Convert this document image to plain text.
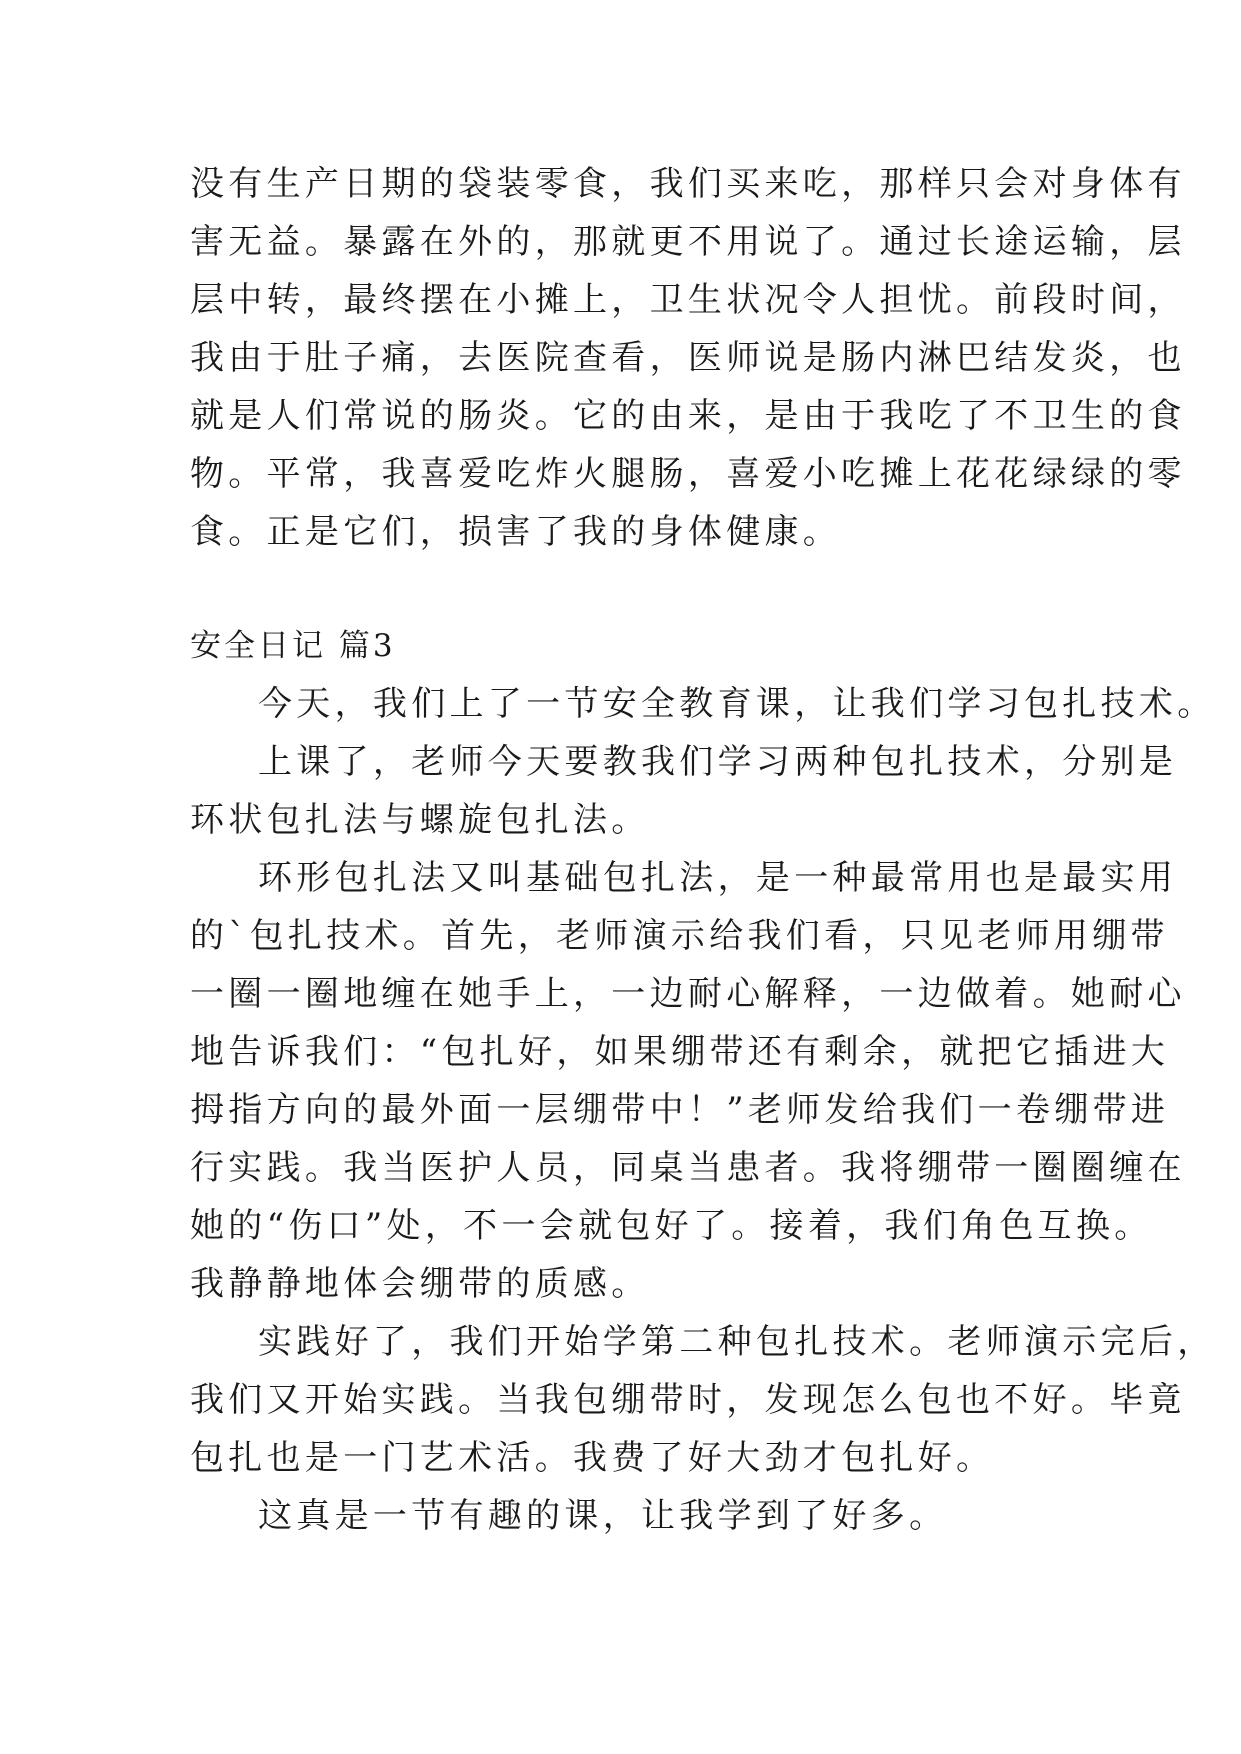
没有生产日期的袋装零食，我们买来吃，那样只会对身体有
害无益。暴露在外的，那就更不用说了。通过长途运输，层
层中转，最终摆在小摊上，卫生状况令人担忧。前段时间，
我由于肚子痛，去医院查看，医师说是肠内淋巴结发炎，也
就是人们常说的肠炎。它的由来，是由于我吃了不卫生的食
物。平常，我喜爱吃炸火腿肠，喜爱小吃摊上花花绿绿的零
食。正是它们，损害了我的身体健康。
安全日记 篇3
今天，我们上了一节安全教育课，让我们学习包扎技术。
上课了，老师今天要教我们学习两种包扎技术，分别是
环状包扎法与螺旋包扎法。
环形包扎法又叫基础包扎法，是一种最常用也是最实用
的`包扎技术。首先，老师演示给我们看，只见老师用绷带
一圈一圈地缠在她手上，一边耐心解释，一边做着。她耐心
地告诉我们：“包扎好，如果绷带还有剩余，就把它插进大
拇指方向的最外面一层绷带中！”老师发给我们一卷绷带进
行实践。我当医护人员，同桌当患者。我将绷带一圈圈缠在
她的“伤口”处，不一会就包好了。接着，我们角色互换。
我静静地体会绷带的质感。
实践好了，我们开始学第二种包扎技术。老师演示完后，
我们又开始实践。当我包绷带时，发现怎么包也不好。毕竟
包扎也是一门艺术活。我费了好大劲才包扎好。
这真是一节有趣的课，让我学到了好多。
